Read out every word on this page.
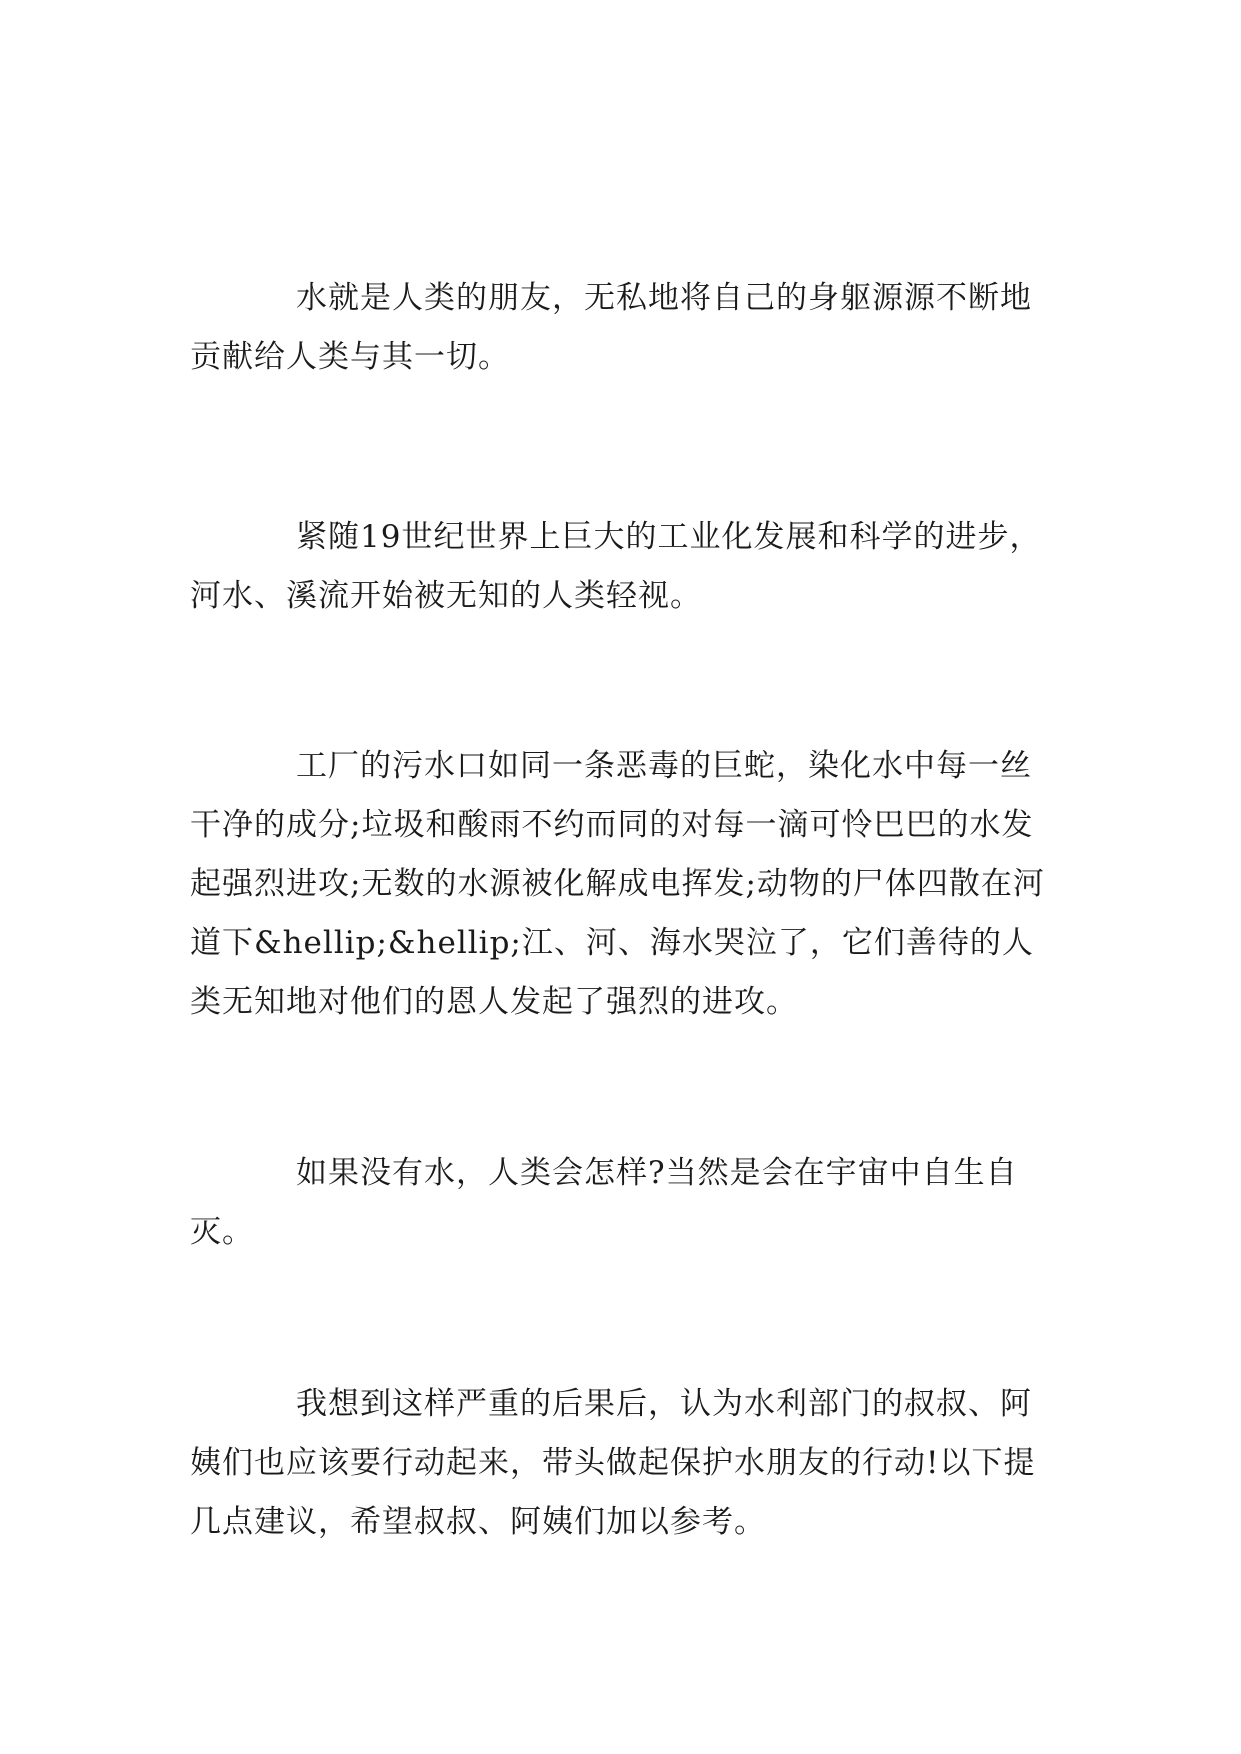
水就是人类的朋友，无私地将自己的身躯源源不断地贡献给人类与其一切。

紧随19世纪世界上巨大的工业化发展和科学的进步，河水、溪流开始被无知的人类轻视。

工厂的污水口如同一条恶毒的巨蛇，染化水中每一丝干净的成分;垃圾和酸雨不约而同的对每一滴可怜巴巴的水发起强烈进攻;无数的水源被化解成电挥发;动物的尸体四散在河道下&hellip;&hellip;江、河、海水哭泣了，它们善待的人类无知地对他们的恩人发起了强烈的进攻。

如果没有水，人类会怎样?当然是会在宇宙中自生自灭。

我想到这样严重的后果后，认为水利部门的叔叔、阿姨们也应该要行动起来，带头做起保护水朋友的行动!以下提几点建议，希望叔叔、阿姨们加以参考。
